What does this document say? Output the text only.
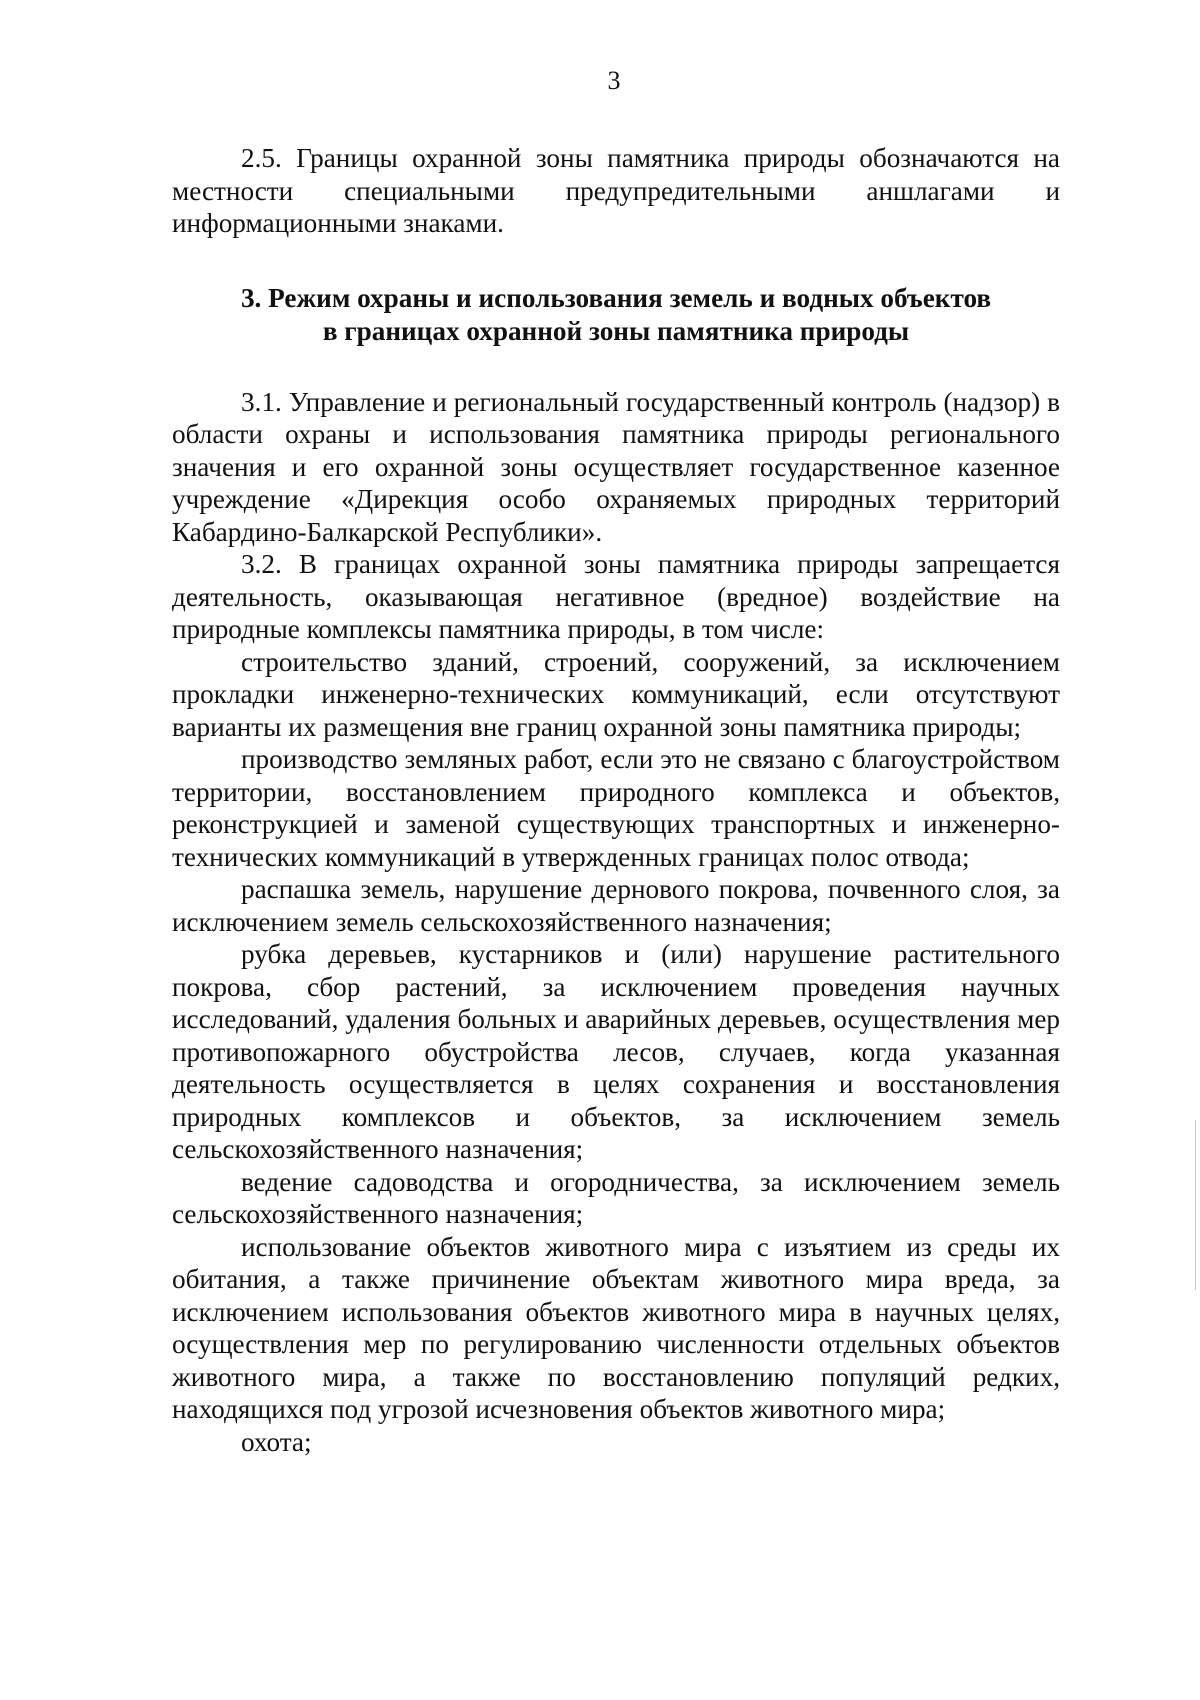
3

2.5. Границы охранной зоны памятника природы обозначаются на местности специальными предупредительными аншлагами и информационными знаками.

3. Режим охраны и использования земель и водных объектов
в границах охранной зоны памятника природы

3.1. Управление и региональный государственный контроль (надзор) в области охраны и использования памятника природы регионального значения и его охранной зоны осуществляет государственное казенное учреждение «Дирекция особо охраняемых природных территорий Кабардино-Балкарской Республики».

3.2. В границах охранной зоны памятника природы запрещается деятельность, оказывающая негативное (вредное) воздействие на природные комплексы памятника природы, в том числе:

строительство зданий, строений, сооружений, за исключением прокладки инженерно-технических коммуникаций, если отсутствуют варианты их размещения вне границ охранной зоны памятника природы;

производство земляных работ, если это не связано с благоустройством территории, восстановлением природного комплекса и объектов, реконструкцией и заменой существующих транспортных и инженерно-технических коммуникаций в утвержденных границах полос отвода;

распашка земель, нарушение дернового покрова, почвенного слоя, за исключением земель сельскохозяйственного назначения;

рубка деревьев, кустарников и (или) нарушение растительного покрова, сбор растений, за исключением проведения научных исследований, удаления больных и аварийных деревьев, осуществления мер противопожарного обустройства лесов, случаев, когда указанная деятельность осуществляется в целях сохранения и восстановления природных комплексов и объектов, за исключением земель сельскохозяйственного назначения;

ведение садоводства и огородничества, за исключением земель сельскохозяйственного назначения;

использование объектов животного мира с изъятием из среды их обитания, а также причинение объектам животного мира вреда, за исключением использования объектов животного мира в научных целях, осуществления мер по регулированию численности отдельных объектов животного мира, а также по восстановлению популяций редких, находящихся под угрозой исчезновения объектов животного мира;

охота;
